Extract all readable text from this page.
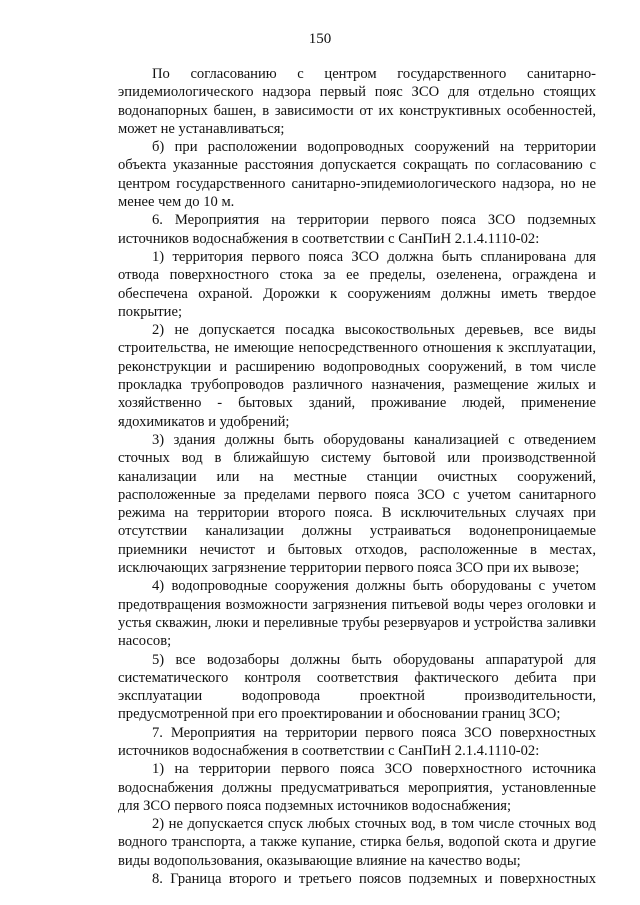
150

По согласованию с центром государственного санитарно-эпидемиологического надзора первый пояс ЗСО для отдельно стоящих водонапорных башен, в зависимости от их конструктивных особенностей, может не устанавливаться;

б) при расположении водопроводных сооружений на территории объекта указанные расстояния допускается сокращать по согласованию с центром государственного санитарно-эпидемиологического надзора, но не менее чем до 10 м.

6. Мероприятия на территории первого пояса ЗСО подземных источников водоснабжения в соответствии с СанПиН 2.1.4.1110-02:

1) территория первого пояса ЗСО должна быть спланирована для отвода поверхностного стока за ее пределы, озеленена, ограждена и обеспечена охраной. Дорожки к сооружениям должны иметь твердое покрытие;

2) не допускается посадка высокоствольных деревьев, все виды строительства, не имеющие непосредственного отношения к эксплуатации, реконструкции и расширению водопроводных сооружений, в том числе прокладка трубопроводов различного назначения, размещение жилых и хозяйственно - бытовых зданий, проживание людей, применение ядохимикатов и удобрений;

3) здания должны быть оборудованы канализацией с отведением сточных вод в ближайшую систему бытовой или производственной канализации или на местные станции очистных сооружений, расположенные за пределами первого пояса ЗСО с учетом санитарного режима на территории второго пояса. В исключительных случаях при отсутствии канализации должны устраиваться водонепроницаемые приемники нечистот и бытовых отходов, расположенные в местах, исключающих загрязнение территории первого пояса ЗСО при их вывозе;

4) водопроводные сооружения должны быть оборудованы с учетом предотвращения возможности загрязнения питьевой воды через оголовки и устья скважин, люки и переливные трубы резервуаров и устройства заливки насосов;

5) все водозаборы должны быть оборудованы аппаратурой для систематического контроля соответствия фактического дебита при эксплуатации водопровода проектной производительности, предусмотренной при его проектировании и обосновании границ ЗСО;

7. Мероприятия на территории первого пояса ЗСО поверхностных источников водоснабжения в соответствии с СанПиН 2.1.4.1110-02:

1) на территории первого пояса ЗСО поверхностного источника водоснабжения должны предусматриваться мероприятия, установленные для ЗСО первого пояса подземных источников водоснабжения;

2) не допускается спуск любых сточных вод, в том числе сточных вод водного транспорта, а также купание, стирка белья, водопой скота и другие виды водопользования, оказывающие влияние на качество воды;

8. Граница второго и третьего поясов подземных и поверхностных
